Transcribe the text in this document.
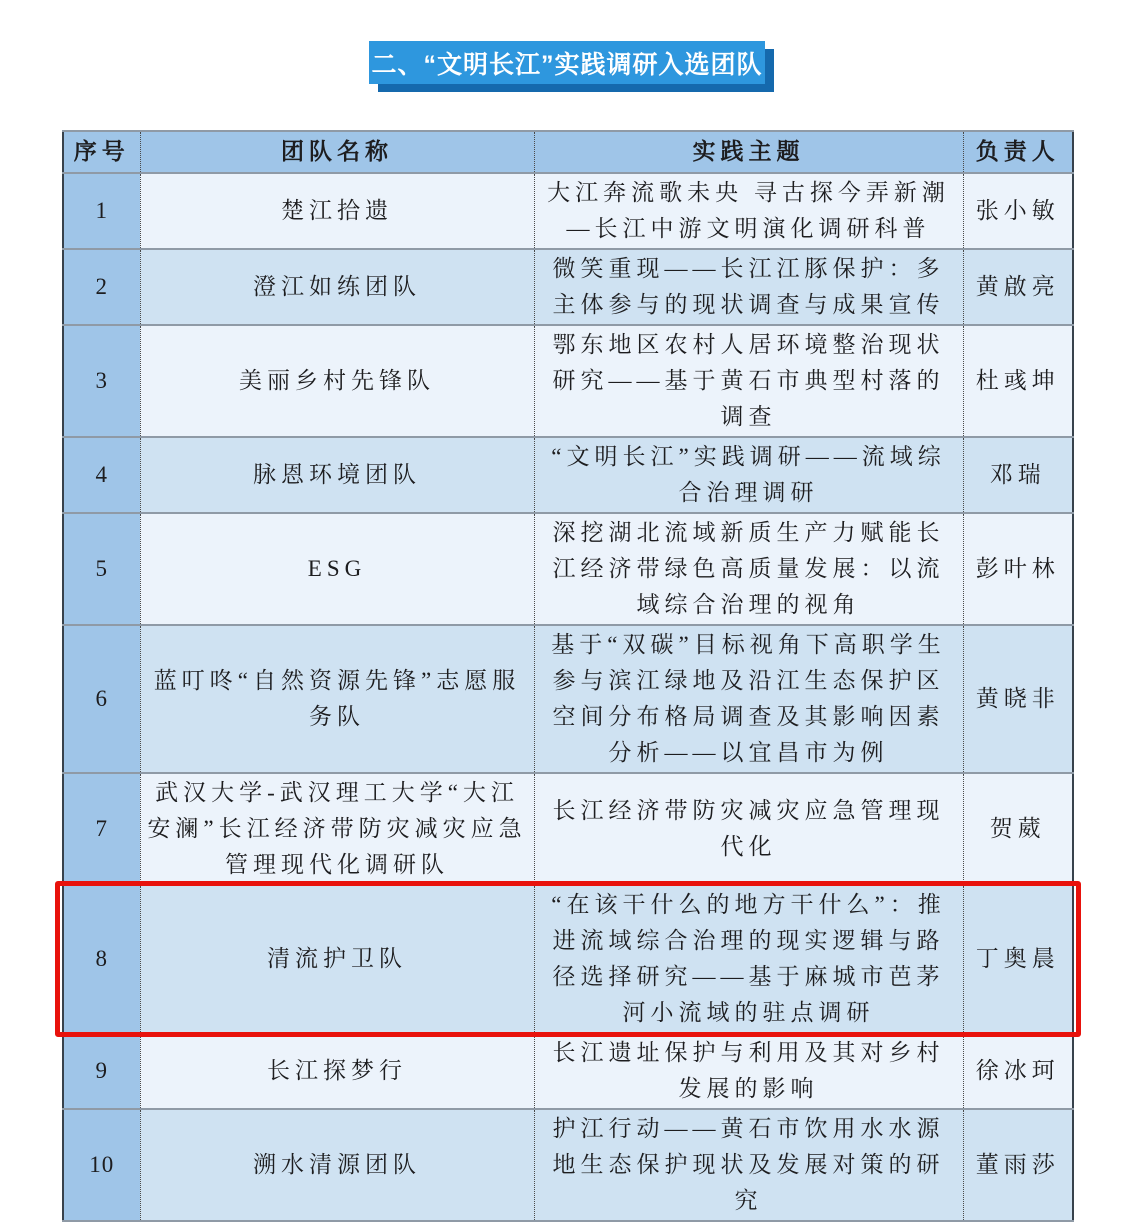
二、“文明长江”实践调研入选团队
序号	团队名称	实践主题	负责人
1	楚江拾遗	大江奔流歌未央 寻古探今弄新潮—长江中游文明演化调研科普	张小敏
2	澄江如练团队	微笑重现——长江江豚保护：多主体参与的现状调查与成果宣传	黄啟亮
3	美丽乡村先锋队	鄂东地区农村人居环境整治现状研究——基于黄石市典型村落的调查	杜彧坤
4	脉恩环境团队	“文明长江”实践调研——流域综合治理调研	邓瑞
5	ESG	深挖湖北流域新质生产力赋能长江经济带绿色高质量发展：以流域综合治理的视角	彭叶林
6	蓝叮咚“自然资源先锋”志愿服务队	基于“双碳”目标视角下高职学生参与滨江绿地及沿江生态保护区空间分布格局调查及其影响因素分析——以宜昌市为例	黄晓非
7	武汉大学-武汉理工大学“大江安澜”长江经济带防灾减灾应急管理现代化调研队	长江经济带防灾减灾应急管理现代化	贺葳
8	清流护卫队	“在该干什么的地方干什么”：推进流域综合治理的现实逻辑与路径选择研究——基于麻城市芭茅河小流域的驻点调研	丁奥晨
9	长江探梦行	长江遗址保护与利用及其对乡村发展的影响	徐冰珂
10	溯水清源团队	护江行动——黄石市饮用水水源地生态保护现状及发展对策的研究	董雨莎
